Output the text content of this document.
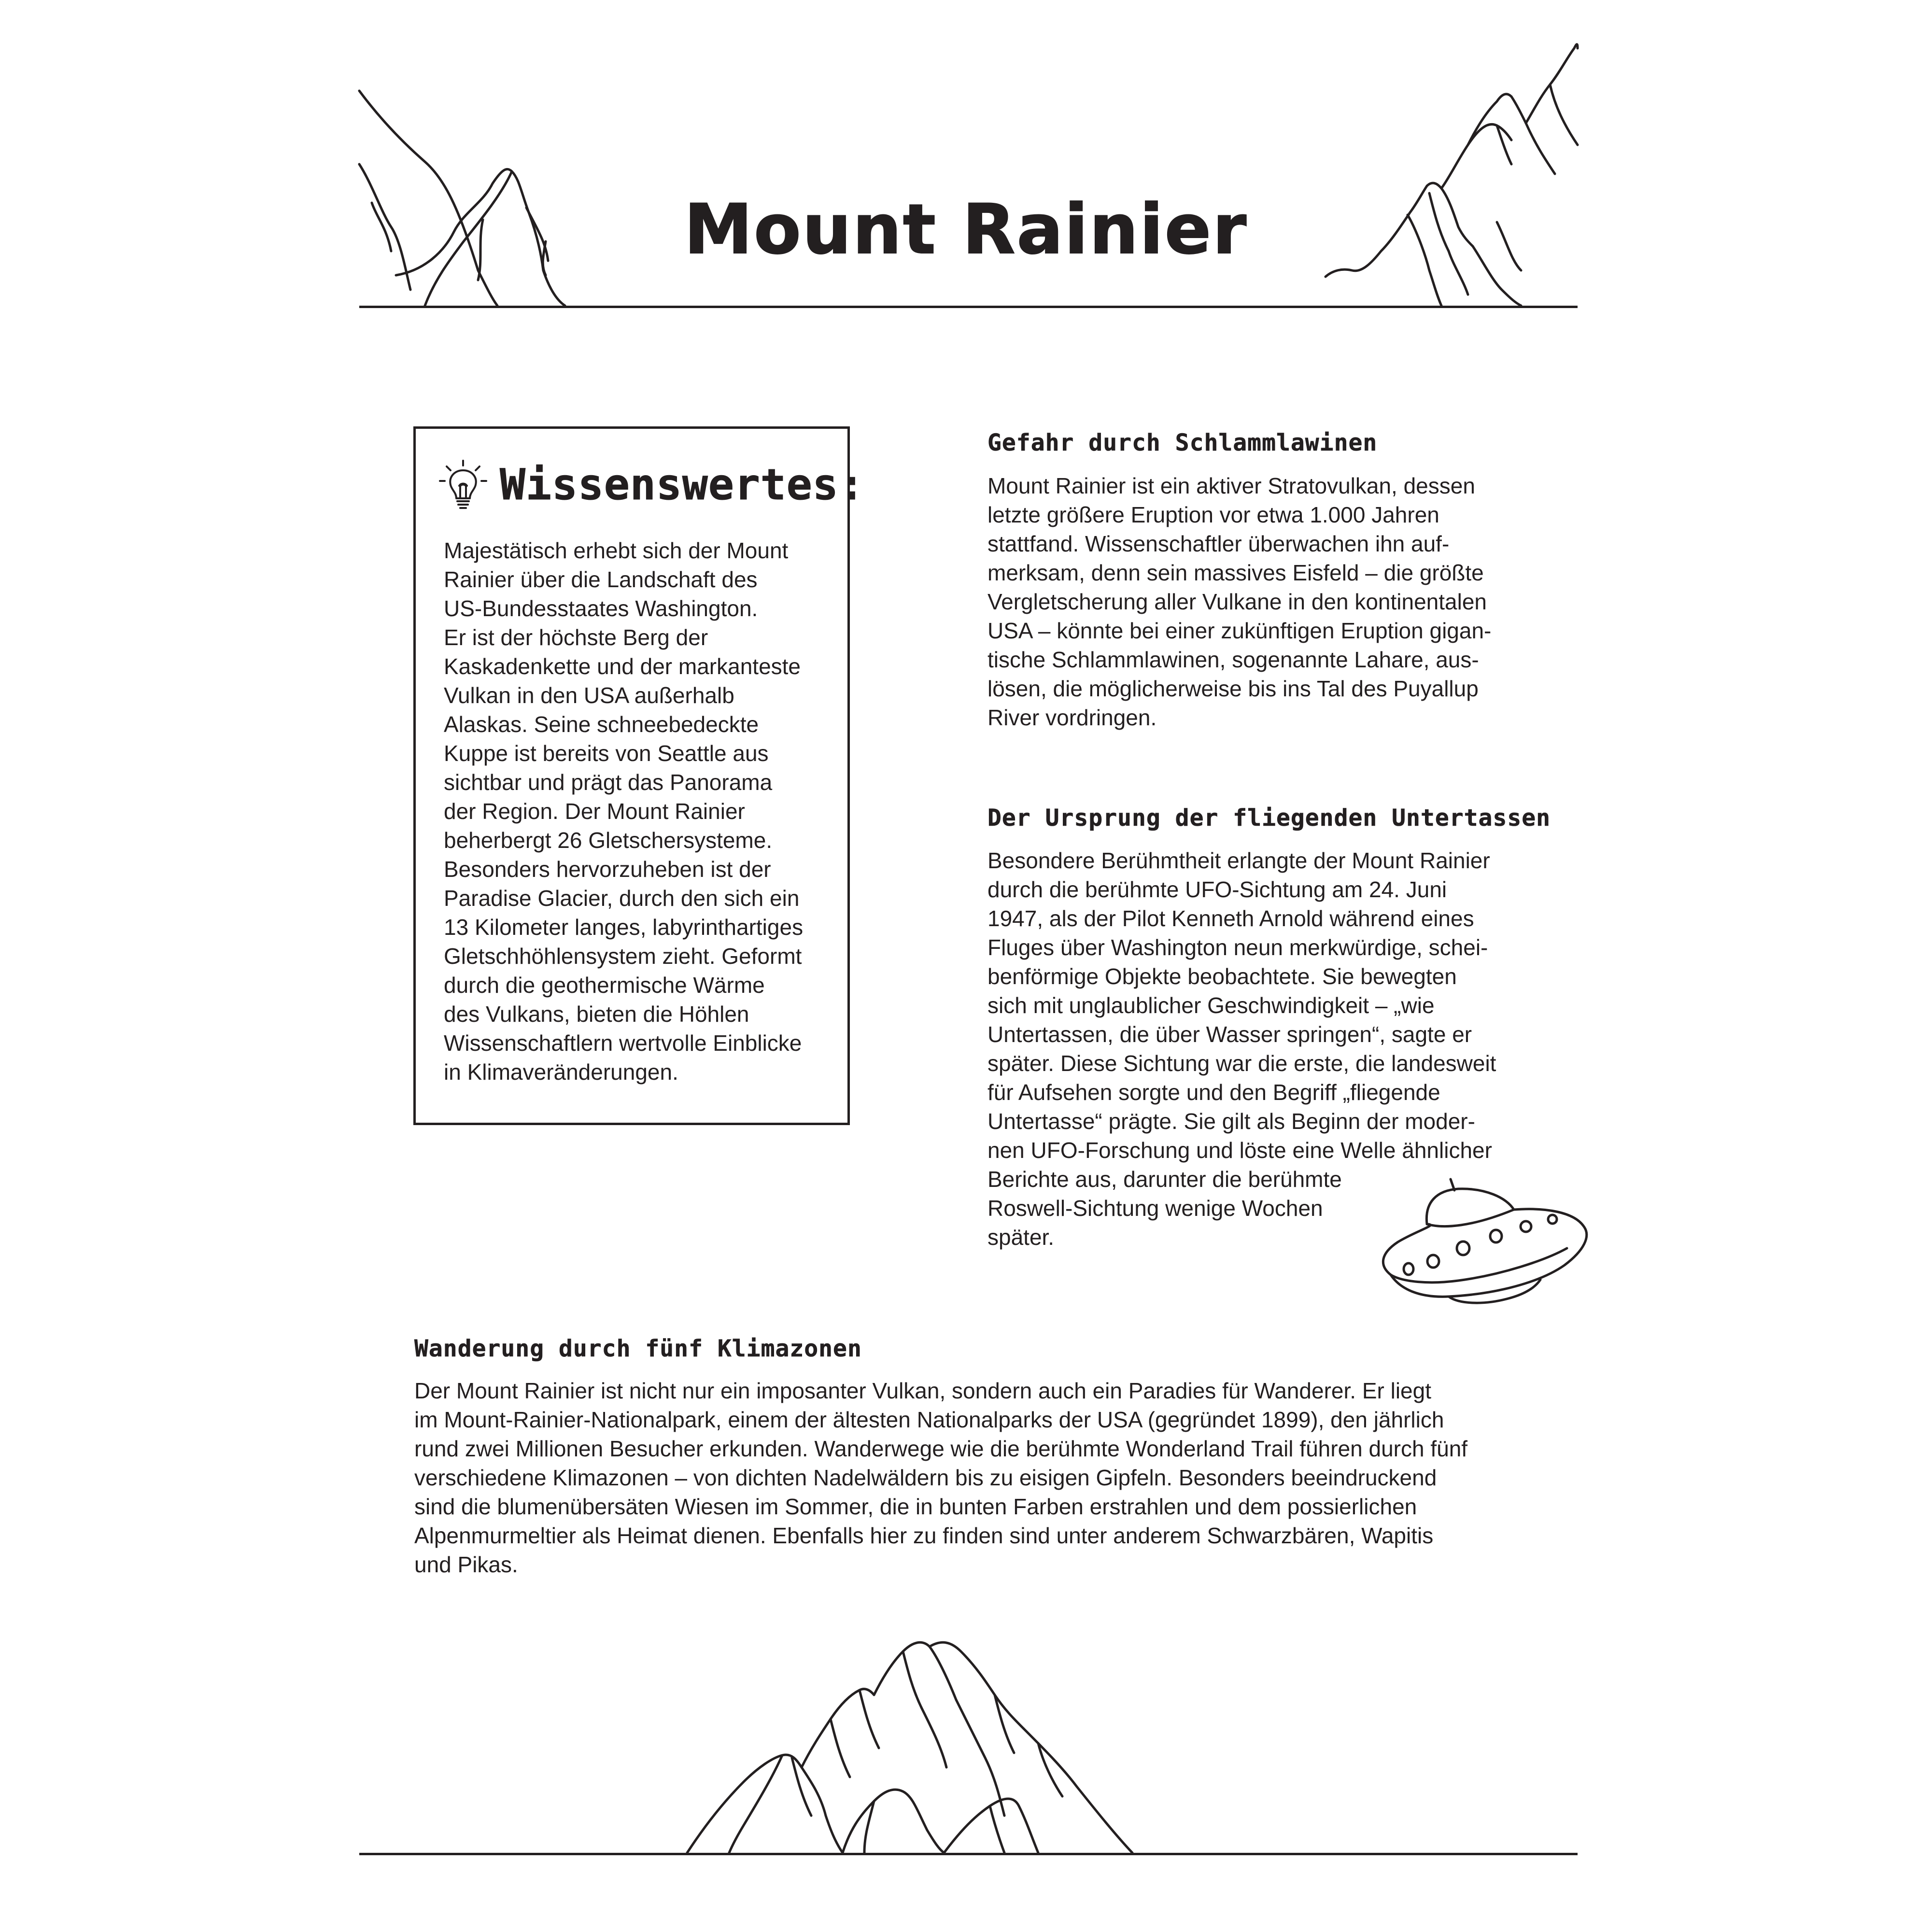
Mount Rainier
Wissenswertes:
Majestätisch erhebt sich der Mount
Rainier über die Landschaft des
US-Bundesstaates Washington.
Er ist der höchste Berg der
Kaskadenkette und der markanteste
Vulkan in den USA außerhalb
Alaskas. Seine schneebedeckte
Kuppe ist bereits von Seattle aus
sichtbar und prägt das Panorama
der Region. Der Mount Rainier
beherbergt 26 Gletschersysteme.
Besonders hervorzuheben ist der
Paradise Glacier, durch den sich ein
13 Kilometer langes, labyrinthartiges
Gletschhöhlensystem zieht. Geformt
durch die geothermische Wärme
des Vulkans, bieten die Höhlen
Wissenschaftlern wertvolle Einblicke
in Klimaveränderungen.
Gefahr durch Schlammlawinen
Mount Rainier ist ein aktiver Stratovulkan, dessen
letzte größere Eruption vor etwa 1.000 Jahren
stattfand. Wissenschaftler überwachen ihn auf-
merksam, denn sein massives Eisfeld – die größte
Vergletscherung aller Vulkane in den kontinentalen
USA – könnte bei einer zukünftigen Eruption gigan-
tische Schlammlawinen, sogenannte Lahare, aus-
lösen, die möglicherweise bis ins Tal des Puyallup
River vordringen.
Der Ursprung der fliegenden Untertassen
Besondere Berühmtheit erlangte der Mount Rainier
durch die berühmte UFO-Sichtung am 24. Juni
1947, als der Pilot Kenneth Arnold während eines
Fluges über Washington neun merkwürdige, schei-
benförmige Objekte beobachtete. Sie bewegten
sich mit unglaublicher Geschwindigkeit – „wie
Untertassen, die über Wasser springen“, sagte er
später. Diese Sichtung war die erste, die landesweit
für Aufsehen sorgte und den Begriff „fliegende
Untertasse“ prägte. Sie gilt als Beginn der moder-
nen UFO-Forschung und löste eine Welle ähnlicher
Berichte aus, darunter die berühmte
Roswell-Sichtung wenige Wochen
später.
Wanderung durch fünf Klimazonen
Der Mount Rainier ist nicht nur ein imposanter Vulkan, sondern auch ein Paradies für Wanderer. Er liegt
im Mount-Rainier-Nationalpark, einem der ältesten Nationalparks der USA (gegründet 1899), den jährlich
rund zwei Millionen Besucher erkunden. Wanderwege wie die berühmte Wonderland Trail führen durch fünf
verschiedene Klimazonen – von dichten Nadelwäldern bis zu eisigen Gipfeln. Besonders beeindruckend
sind die blumenübersäten Wiesen im Sommer, die in bunten Farben erstrahlen und dem possierlichen
Alpenmurmeltier als Heimat dienen. Ebenfalls hier zu finden sind unter anderem Schwarzbären, Wapitis
und Pikas.
